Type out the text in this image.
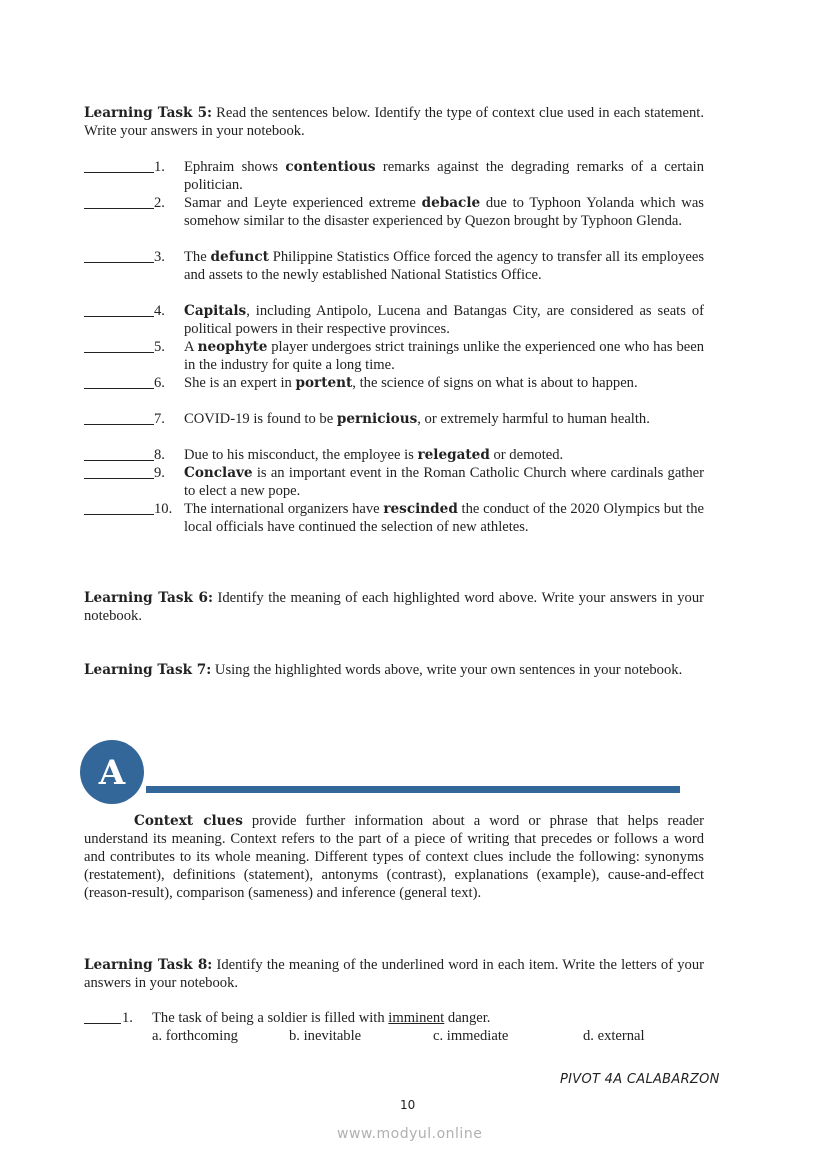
Learning Task 5: Read the sentences below. Identify the type of context clue used in each statement. Write your answers in your notebook.
1. Ephraim shows contentious remarks against the degrading remarks of a certain politician.
2. Samar and Leyte experienced extreme debacle due to Typhoon Yolanda which was somehow similar to the disaster experienced by Quezon brought by Typhoon Glenda.
3. The defunct Philippine Statistics Office forced the agency to transfer all its employees and assets to the newly established National Statistics Office.
4. Capitals, including Antipolo, Lucena and Batangas City, are considered as seats of political powers in their respective provinces.
5. A neophyte player undergoes strict trainings unlike the experienced one who has been in the industry for quite a long time.
6. She is an expert in portent, the science of signs on what is about to happen.
7. COVID-19 is found to be pernicious, or extremely harmful to human health.
8. Due to his misconduct, the employee is relegated or demoted.
9. Conclave is an important event in the Roman Catholic Church where cardinals gather to elect a new pope.
10. The international organizers have rescinded the conduct of the 2020 Olympics but the local officials have continued the selection of new athletes.
Learning Task 6: Identify the meaning of each highlighted word above. Write your answers in your notebook.
Learning Task 7: Using the highlighted words above, write your own sentences in your notebook.
A
Context clues provide further information about a word or phrase that helps reader understand its meaning. Context refers to the part of a piece of writing that precedes or follows a word and contributes to its whole meaning. Different types of context clues include the following: synonyms (restatement), definitions (statement), antonyms (contrast), explanations (example), cause-and-effect (reason-result), comparison (sameness) and inference (general text).
Learning Task 8: Identify the meaning of the underlined word in each item. Write the letters of your answers in your notebook.
1. The task of being a soldier is filled with imminent danger.
a. forthcoming	b. inevitable	c. immediate	d. external
PIVOT 4A CALABARZON
10
www.modyul.online
